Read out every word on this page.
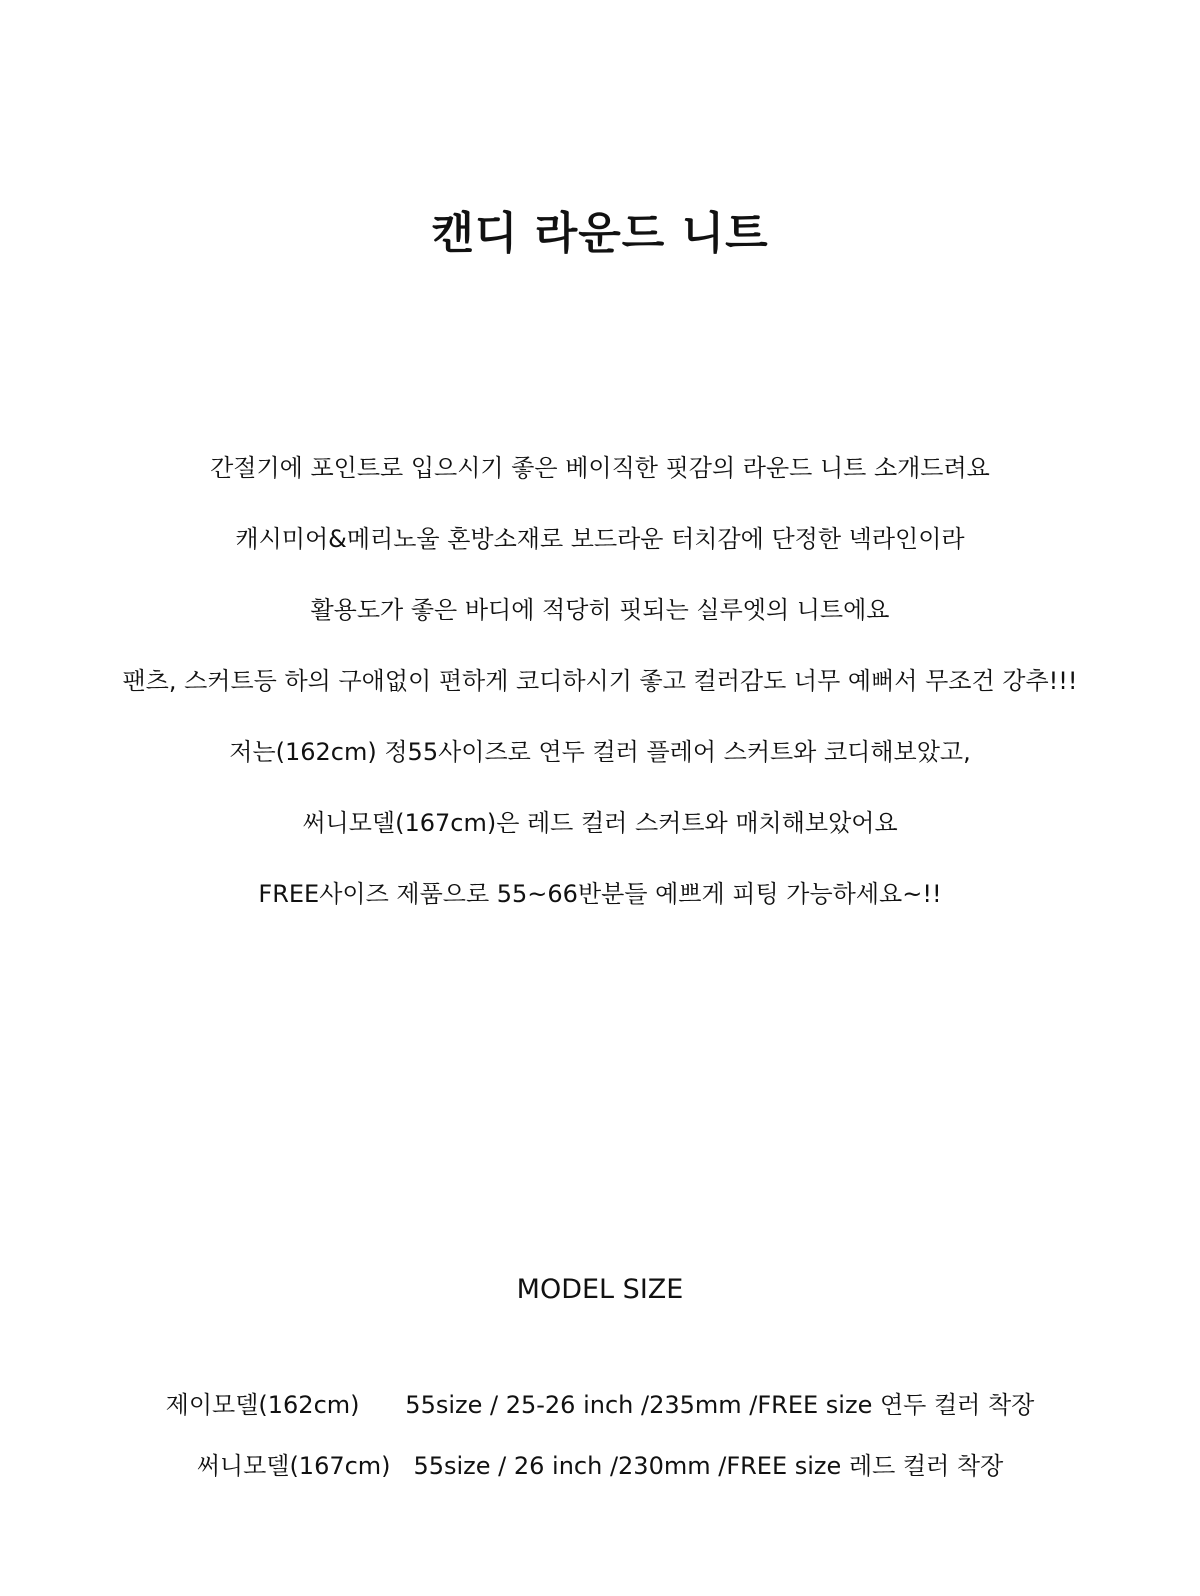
캔디 라운드 니트
간절기에 포인트로 입으시기 좋은 베이직한 핏감의 라운드 니트 소개드려요
캐시미어&메리노울 혼방소재로 보드라운 터치감에 단정한 넥라인이라
활용도가 좋은 바디에 적당히 핏되는 실루엣의 니트에요
팬츠, 스커트등 하의 구애없이 편하게 코디하시기 좋고 컬러감도 너무 예뻐서 무조건 강추!!!
저는(162cm) 정55사이즈로 연두 컬러 플레어 스커트와 코디해보았고,
써니모델(167cm)은 레드 컬러 스커트와 매치해보았어요
FREE사이즈 제품으로 55~66반분들 예쁘게 피팅 가능하세요~!!
MODEL SIZE
제이모델(162cm) 55size / 25-26 inch /235mm /FREE size 연두 컬러 착장
써니모델(167cm) 55size / 26 inch /230mm /FREE size 레드 컬러 착장
